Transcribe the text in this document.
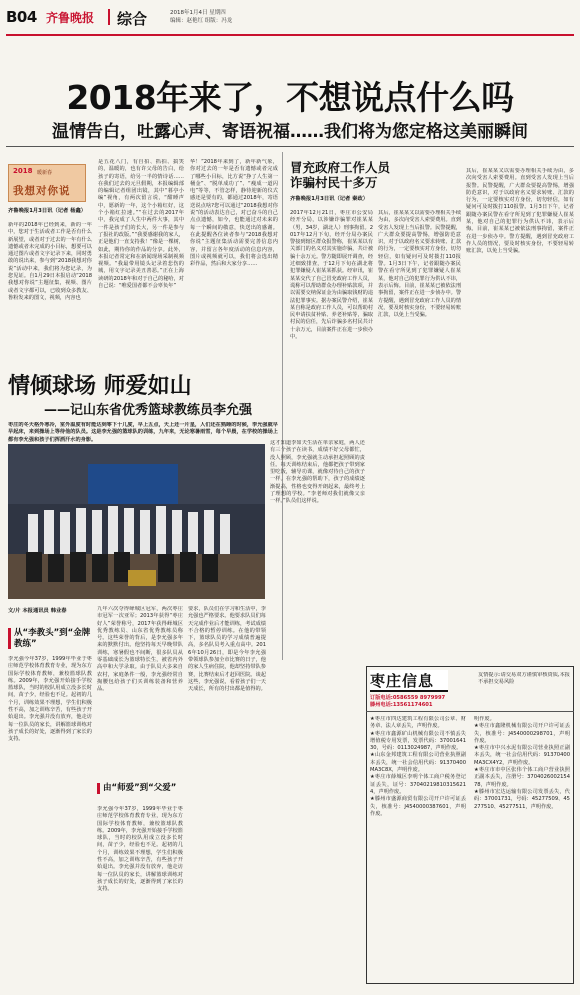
B04 齐鲁晚报 综合	2018年1月4日 星期四
编辑：赵艳红 组版：冯龙
2018年来了，不想说点什么吗
温情告白，吐露心声、寄语祝福……我们将为您定格这美丽瞬间
2018 暖新春
我想对你说
齐鲁晚报1月3日讯（记者 杨鑫）
新年的2018年已经到来，新的一年中，您对于生活或者工作是否有什么新展望，或者对于过去的一年有什么遗憾或者未完成的小目标，想要可以通过图片或者文字记录下来，同时勇敢的说出来，参与到“2018我想对你说”活动中来，我们将为您记录，为您见证。自1月29日本报启动“2018我想对你说”主题征集，视频、图片或者文字都可以，已收到众多教友、鲁粉发来的图文，视频，内容也
是五花八门，有自拍、抓拍、搞笑的，温暖的，也有许父母的告白，给孩子的寄语，给另一半的情诗话……在我们过去的元旦假期，本报编辑部的编辑记者组团出镜，其中“暮亭小编”视角，有两次留言说，“酣睡声中，愿新的一年，这个小箱红好，这个小箱红拉速。”“在过去的2017年中，我完成了人生中两件大事，其中一件是孩子们的长大，另一件是参与了报社的改版。”“我要感谢我的家人，正是他们一直支持我！”像是一棵树，如此，期待你的作品的分享。此外，本报记者常定和在新闻现场采制视频视频。“我最带用镜头记录着悲伤的城，用文字记录美丑善恶。”正在上海读研的2018年和对于自己的秘哈，对自己说：“唯爱国者都不会辜负年”
华！”2018年来到了，新年新气象，你对过去的一年是否有遗憾或者完成了哪些小目标，比方说“挣了人生第一桶金”、“脱单成功了”、“瘦成一道闪电”等等，不管怎样，静待迎新的仪式感还是要有的，都通过2018年，寄语送说点啥?您可以通过“2018我想对你说”的活动表达自己，对已奋斗的自己点点遗憾，如今，也能通过对未来的每一个瞬间的敬意，快送出的感谢。在此提醒各位读者参与“2018我想对你说”主题征集活动需要完善信息内容，并留言各年度活动的信息内容，图片或视频就可以，我们将会选出精彩作品，然后和大家分享……
冒充政府工作人员
诈骗村民十多万
齐鲁晚报1月3日讯（记者 秦政）
2017年12月21日，枣庄市公安局经开分局，以涉嫌诈骗罪对崔某某（男，34岁，湖北人）刑事拘留。2017年12月下旬，经开分局办案民警接到辖区群众报警称，崔某某以有关部门的名义对其实施诈骗，共计被骗十余万元。警方随即展开调查，经过细致排查，于12月下旬在湖北将犯罪嫌疑人崔某某抓获。经审讯，崔某某交代了自己冒充政府工作人员，谎称可以帮助群众办理补贴款项，并以需要交纳保证金为由骗取钱财的违法犯罪事实。据办案民警介绍，崔某某自称是政府工作人员，可以帮助村民申请扶贫补贴、养老补贴等，骗取村民的信任，先后诈骗多名村民共计十余万元，目前案件正在进一步侦办中。
其后，崔某某又以需要办理相关手续为由，多次向受害人索要费用。直到受害人发现上当后报警。民警提醒，广大群众要提高警惕，增强防范意识，对于以政府名义要求转账、汇款的行为，一定要核实对方身份，切勿轻信，如有疑问可及时拨打110报警。1月3日下午，记者跟随办案民警在看守所见到了犯罪嫌疑人崔某某，他对自己的犯罪行为供认不讳，表示后悔。目前，崔某某已被依法刑事拘留，案件正在进一步侦办中。警方提醒，遇到冒充政府工作人员的情况，要及时核实身份，不要轻易转账汇款，以免上当受骗。
其后，崔某某又以需要办理相关手续为由，多次向受害人索要费用。直到受害人发现上当后报警。民警提醒，广大群众要提高警惕，增强防范意识，对于以政府名义要求转账、汇款的行为，一定要核实对方身份，切勿轻信，如有疑问可及时拨打110报警。1月3日下午，记者跟随办案民警在看守所见到了犯罪嫌疑人崔某某，他对自己的犯罪行为供认不讳，表示后悔。目前，崔某某已被依法刑事拘留，案件正在进一步侦办中。警方提醒，遇到冒充政府工作人员的情况，要及时核实身份，不要轻易转账汇款，以免上当受骗。
情倾球场 师爱如山
——记山东省优秀篮球教练员李允强
枣庄的冬天格外寒冷，室外温度有时能达到零下十几度，早上五点，天上还一片星，人们还在熟睡的时候，李允强就早早起床，来到操场上等待他的队员。这是李允强的篮球队的训练，九年来，无论寒暑雨雪，每个早晨，在学校的操场上都有李允强和孩子们挥洒汗水的身影。
文/片 本报通讯员 韩业春
从“李教头”到“金牌教练”
李允强今年37岁，1999年毕业于枣庄师范学校体育教育专业，现为东方国际学校体育教师，兼校篮球队教练。2009年，李允强开始接手学校篮球队，当时的校队用成立没多长时间，苗子少，经验也不足。起初的几个月，训练效果不理想，学生们积极性不高，加之训练辛苦，有些孩子开始退出。李允强并没有放弃，他走访每一位队员的家长，讲解篮球训练对孩子成长的好处，逐渐得到了家长的支持。
九年六次夺得峄城区冠军，两次枣庄市冠军一次亚军；2013年获得“枣庄好人”荣誉称号，2017年获得峄城区优秀教练员、山东省优秀教练员称号。这些荣誉的背后，是李允强多年来的默默付出。他坚持每天早晚带队训练，寒暑假也不间断，很多队员从零基础成长为篮球特长生，被省内外高中和大学录取。由于队员大多来自农村，家庭条件一般，李允强经常自掏腰包给孩子们买训练装备和营养品。
由“师爱”到“父爱”
李允强今年37岁，1999年毕业于枣庄师范学校体育教育专业，现为东方国际学校体育教师，兼校篮球队教练。2009年，李允强开始接手学校篮球队，当时的校队用成立没多长时间，苗子少，经验也不足。起初的几个月，训练效果不理想，学生们积极性不高，加之训练辛苦，有些孩子开始退出。李允强并没有放弃，他走访每一位队员的家长，讲解篮球训练对孩子成长的好处，逐渐得到了家长的支持。
这才知道李如夫生活在单亲家庭，两人还有三个孩子在读书，成绩不好父母都忙，没人照顾，李允强就主动承担起照顾的责任。每天训练结束后，他都把孩子带到家里吃饭，辅导功课，就像对待自己的孩子一样。在李允强的帮助下，孩子的成绩逐渐提高，性格也变得开朗起来，最终考上了理想的学校。“李老师对我们就像父亲一样。”队员们这样说。
要求，队员们在学习和生活中，李允强也严格要求。他要求队员们每天完成作业后才能训练，考试成绩不合格的暂停训练。在他的带领下，篮球队员的学习成绩普遍提高，多名队员考入重点高中。2016年10月26日，即是今年李允强带领球队参加全市比赛的日子，他的家人生病住院，他却坚持带队参赛，比赛结束后才赶回医院。谈起这些，李允强说，看着孩子们一天天成长，所有的付出都是值得的。	枣庄信息
订版电话:0586559 8979997
滕州电话:13561174601
友情提示:请交易双方谨慎审核资质,本报不承担交易风险
★枣庄市四达建筑工程有限公司公章、财务章、法人章丢失，声明作废。
★枣庄市鑫源矿山机械有限公司不慎丢失增值税专用发票，发票代码：3700164130，号码：0113024987，声明作废。
★山东金邦建筑工程有限公司营业执照副本丢失，统一社会信用代码：91370400MA3C8X，声明作废。
★枣庄市薛城区李明个体工商户税务登记证丢失，证号：370402198103156214，声明作废。
★滕州市盛源商贸有限公司开户许可证丢失，核准号：J4540000387601，声明作废。
明作废。
★枣庄市鑫隆机械有限公司开户许可证丢失，核准号：J4540000298701，声明作废。
★枣庄市中兴水泥有限公司营业执照正副本丢失，统一社会信用代码：91370400MA3CX4Y2，声明作废。
★枣庄市市中区张伟个体工商户营业执照正副本丢失，注册号：370402600215478，声明作废。
★滕州市宏达运输有限公司发票丢失，代码：37001731，号码：45277509、45277510、45277511，声明作废。
